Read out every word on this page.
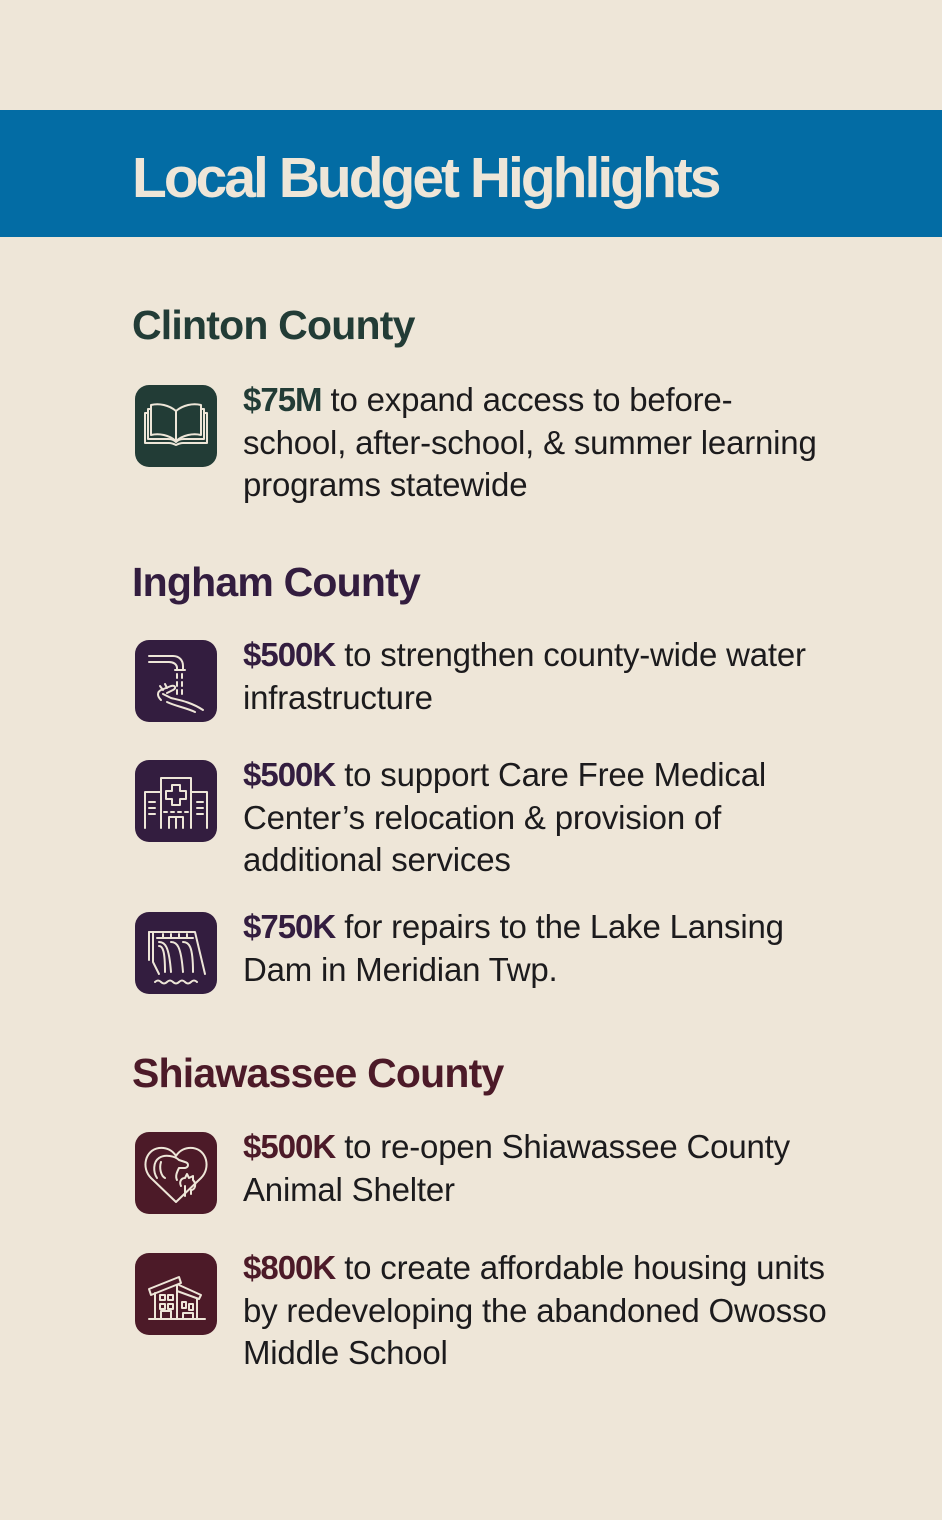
Local Budget Highlights
Clinton County

$75M to expand access to before-school, after-school, & summer learning programs statewide

Ingham County

$500K to strengthen county-wide water infrastructure

$500K to support Care Free Medical Center’s relocation & provision of additional services

$750K for repairs to the Lake Lansing Dam in Meridian Twp.

Shiawassee County

$500K to re-open Shiawassee County Animal Shelter

$800K to create affordable housing units by redeveloping the abandoned Owosso Middle School
